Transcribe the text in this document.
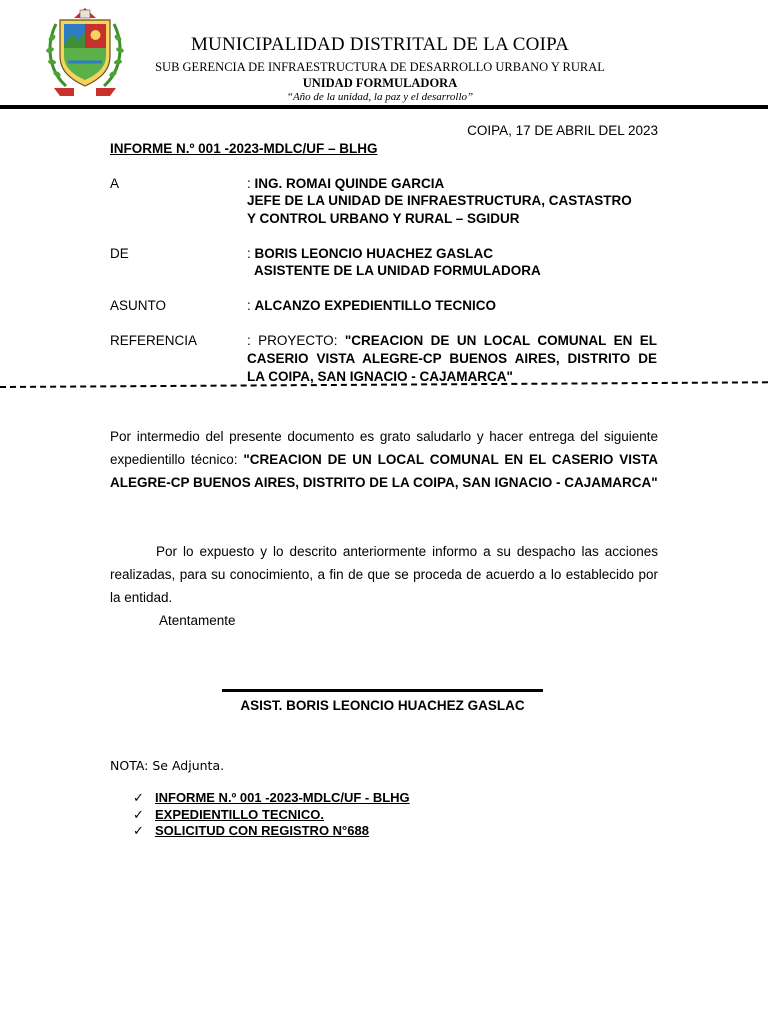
MUNICIPALIDAD DISTRITAL DE LA COIPA
SUB GERENCIA DE INFRAESTRUCTURA DE DESARROLLO URBANO Y RURAL
UNIDAD FORMULADORA
“Año de la unidad, la paz y el desarrollo”
COIPA, 17 DE ABRIL DEL 2023
INFORME N.º 001 -2023-MDLC/UF – BLHG
A	: ING. ROMAI QUINDE GARCIA
JEFE DE LA UNIDAD DE INFRAESTRUCTURA, CASTASTRO
Y CONTROL URBANO Y RURAL – SGIDUR
DE	: BORIS LEONCIO HUACHEZ GASLAC
ASISTENTE DE LA UNIDAD FORMULADORA
ASUNTO	: ALCANZO EXPEDIENTILLO TECNICO
REFERENCIA	: PROYECTO: "CREACION DE UN LOCAL COMUNAL EN EL
CASERIO VISTA ALEGRE-CP BUENOS AIRES, DISTRITO DE
LA COIPA, SAN IGNACIO - CAJAMARCA"
Por intermedio del presente documento es grato saludarlo y hacer entrega del siguiente expedientillo técnico: "CREACION DE UN LOCAL COMUNAL EN EL CASERIO VISTA ALEGRE-CP BUENOS AIRES, DISTRITO DE LA COIPA, SAN IGNACIO - CAJAMARCA"
Por lo expuesto y lo descrito anteriormente informo a su despacho las acciones realizadas, para su conocimiento, a fin de que se proceda de acuerdo a lo establecido por la entidad.
Atentamente
ASIST. BORIS LEONCIO HUACHEZ GASLAC
NOTA: Se Adjunta.
✓ INFORME N.º 001 -2023-MDLC/UF - BLHG
✓ EXPEDIENTILLO TECNICO.
✓ SOLICITUD CON REGISTRO N°688
